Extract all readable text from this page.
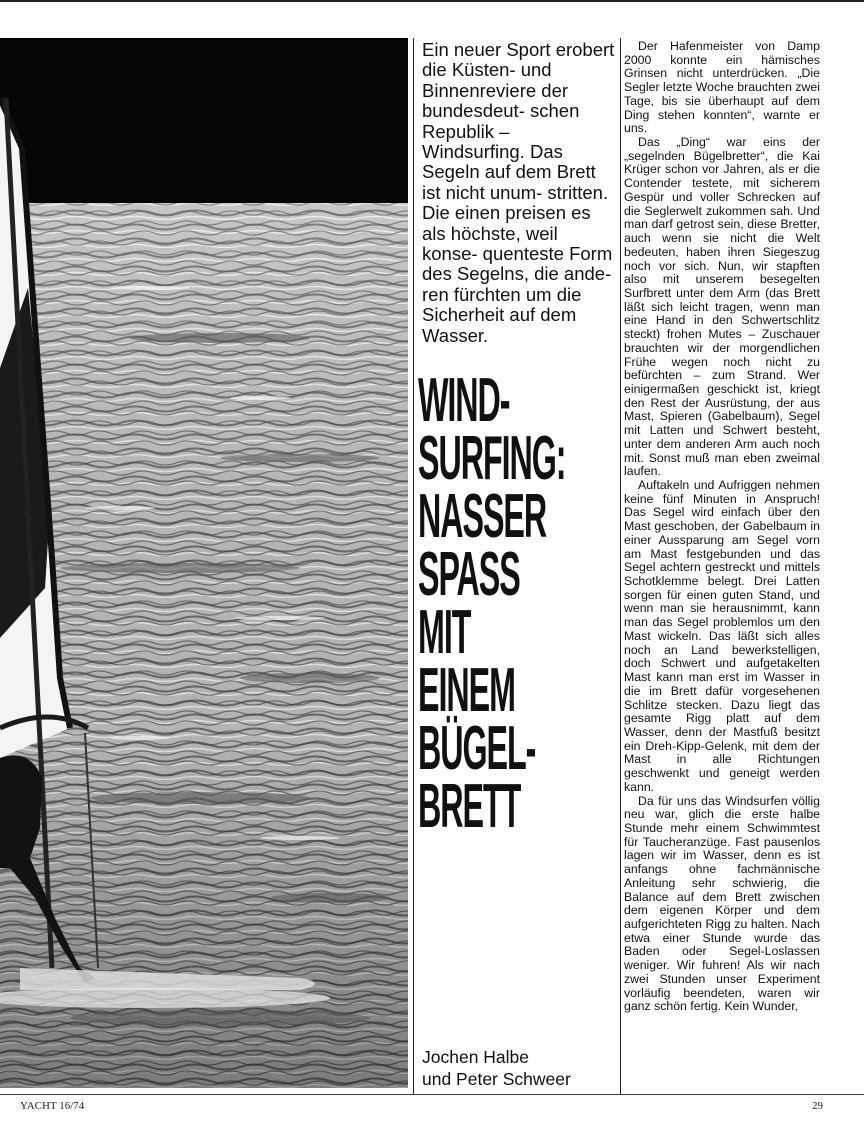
Ein neuer Sport erobert die Küsten- und Binnenreviere der bundesdeut- schen Republik – Windsurfing. Das Segeln auf dem Brett ist nicht unum- stritten. Die einen preisen es als höchste, weil konse- quenteste Form des Segelns, die ande- ren fürchten um die Sicherheit auf dem Wasser.

WIND-
SURFING:
NASSER
SPASS
MIT
EINEM
BÜGEL-
BRETT
Jochen Halbe
und Peter Schweer

Der Hafenmeister von Damp 2000 konnte ein hämisches Grinsen nicht unterdrücken. „Die Segler letzte Woche brauchten zwei Tage, bis sie überhaupt auf dem Ding stehen konnten“, warnte er uns.

Das „Ding“ war eins der „segelnden Bügelbretter“, die Kai Krüger schon vor Jahren, als er die Contender testete, mit sicherem Gespür und voller Schrecken auf die Seglerwelt zukommen sah. Und man darf getrost sein, diese Bretter, auch wenn sie nicht die Welt bedeuten, haben ihren Siegeszug noch vor sich. Nun, wir stapften also mit unserem besegelten Surfbrett unter dem Arm (das Brett läßt sich leicht tragen, wenn man eine Hand in den Schwertschlitz steckt) frohen Mutes – Zuschauer brauchten wir der morgendlichen Frühe wegen noch nicht zu befürchten – zum Strand. Wer einigermaßen geschickt ist, kriegt den Rest der Ausrüstung, der aus Mast, Spieren (Gabelbaum), Segel mit Latten und Schwert besteht, unter dem anderen Arm auch noch mit. Sonst muß man eben zweimal laufen.

Auftakeln und Aufriggen nehmen keine fünf Minuten in Anspruch! Das Segel wird einfach über den Mast geschoben, der Gabelbaum in einer Aussparung am Segel vorn am Mast festgebunden und das Segel achtern gestreckt und mittels Schotklemme belegt. Drei Latten sorgen für einen guten Stand, und wenn man sie herausnimmt, kann man das Segel problemlos um den Mast wickeln. Das läßt sich alles noch an Land bewerkstelligen, doch Schwert und aufgetakelten Mast kann man erst im Wasser in die im Brett dafür vorgesehenen Schlitze stecken. Dazu liegt das gesamte Rigg platt auf dem Wasser, denn der Mastfuß besitzt ein Dreh-Kipp-Gelenk, mit dem der Mast in alle Richtungen geschwenkt und geneigt werden kann.

Da für uns das Windsurfen völlig neu war, glich die erste halbe Stunde mehr einem Schwimmtest für Taucheranzüge. Fast pausenlos lagen wir im Wasser, denn es ist anfangs ohne fachmännische Anleitung sehr schwierig, die Balance auf dem Brett zwischen dem eigenen Körper und dem aufgerichteten Rigg zu halten. Nach etwa einer Stunde wurde das Baden oder Segel-Loslassen weniger. Wir fuhren! Als wir nach zwei Stunden unser Experiment vorläufig beendeten, waren wir ganz schön fertig. Kein Wunder,

YACHT 16/74	29
